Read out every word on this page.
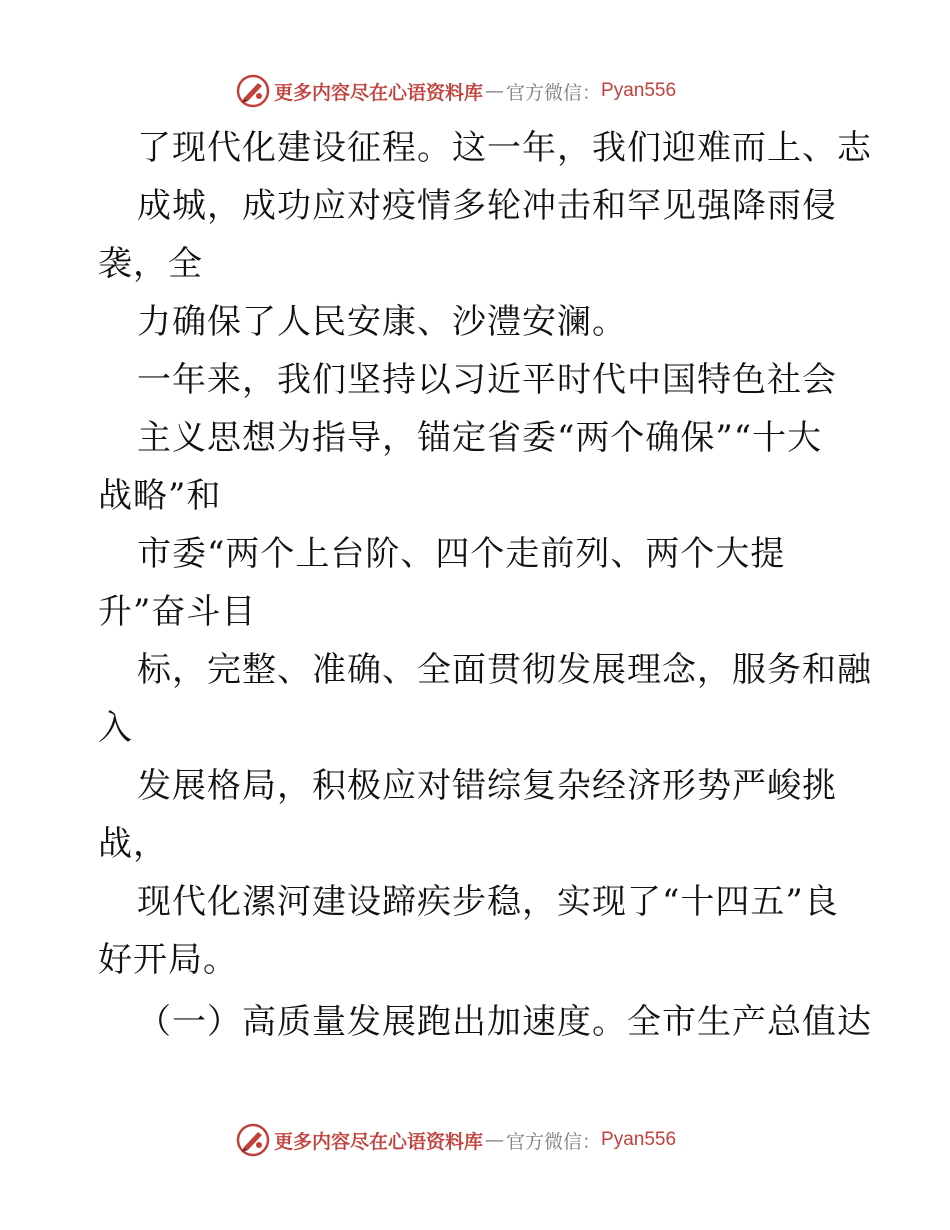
更多内容尽在心语资料库 — 官方微信： Pyan556
了现代化建设征程。这一年，我们迎难而上、志
成城，成功应对疫情多轮冲击和罕见强降雨侵
袭，全
力确保了人民安康、沙澧安澜。
一年来，我们坚持以习近平时代中国特色社会
主义思想为指导，锚定省委“两个确保”“十大
战略”和
市委“两个上台阶、四个走前列、两个大提
升”奋斗目
标，完整、准确、全面贯彻发展理念，服务和融
入
发展格局，积极应对错综复杂经济形势严峻挑
战，
现代化漯河建设蹄疾步稳，实现了“十四五”良
好开局。
（一）高质量发展跑出加速度。全市生产总值达
更多内容尽在心语资料库 — 官方微信： Pyan556
